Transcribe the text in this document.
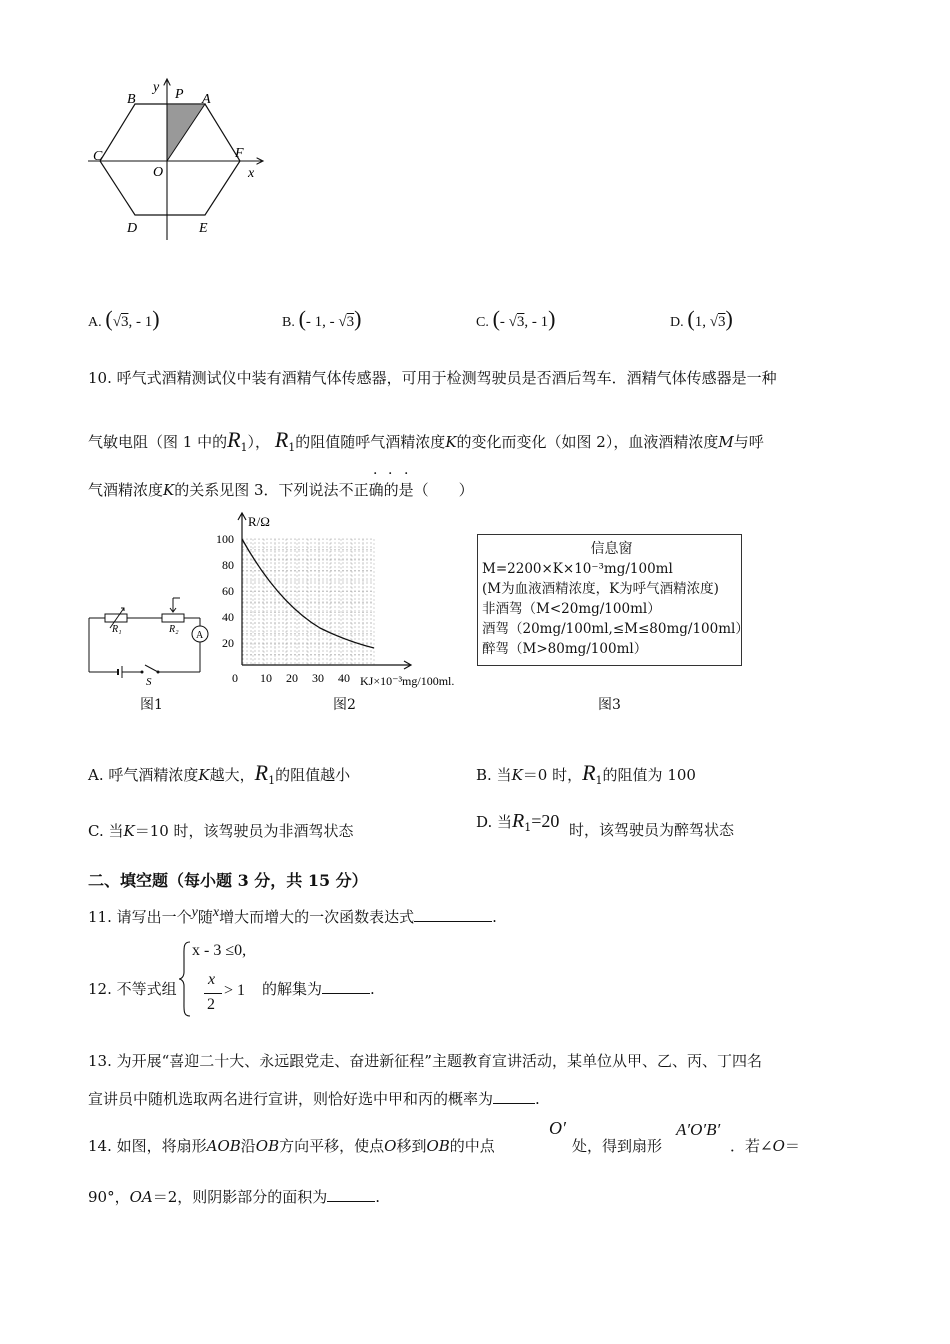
y P A
B
C	F
O	x
D	E
A. (√3, - 1)	B. (- 1, - √3)	C. (- √3, - 1)	D. (1, √3)
10. 呼气式酒精测试仪中装有酒精气体传感器，可用于检测驾驶员是否酒后驾车．酒精气体传感器是一种
气敏电阻（图 1 中的$R_1$）， $R_1$的阻值随呼气酒精浓度K的变化而变化（如图 2），血液酒精浓度M与呼
气酒精浓度K的关系见图 3．下列说法不正确的是（　　）
· · ·
A
R₁	R₂
S
图1
R/Ω
100
80
60
40
20
0 10 20 30 40 KJ×10⁻³mg/100ml.
图2
信息窗
M=2200×K×10⁻³mg/100ml
(M为血液酒精浓度，K为呼气酒精浓度)
非酒驾（M<20mg/100ml）
酒驾（20mg/100ml,≤M≤80mg/100ml）
醉驾（M>80mg/100ml）
图3
A. 呼气酒精浓度K越大，$R_1$的阻值越小	B. 当K＝0 时，$R_1$的阻值为 100
C. 当K＝10 时，该驾驶员为非酒驾状态	D. 当$R_1=20$ 时，该驾驶员为醉驾状态
二、填空题（每小题 3 分，共 15 分）
11. 请写出一个$^y$随$^x$增大而增大的一次函数表达式	.
12. 不等式组
x - 3 ≤0,
x
2
> 1 的解集为	.
13. 为开展“喜迎二十大、永远跟党走、奋进新征程”主题教育宣讲活动，某单位从甲、乙、丙、丁四名
宣讲员中随机选取两名进行宣讲，则恰好选中甲和丙的概率为	.
14. 如图，将扇形AOB沿OB方向平移，使点O移到OB的中点
O′
处，得到扇形
A′O′B′
．若∠O＝
90°，OA＝2，则阴影部分的面积为	.
